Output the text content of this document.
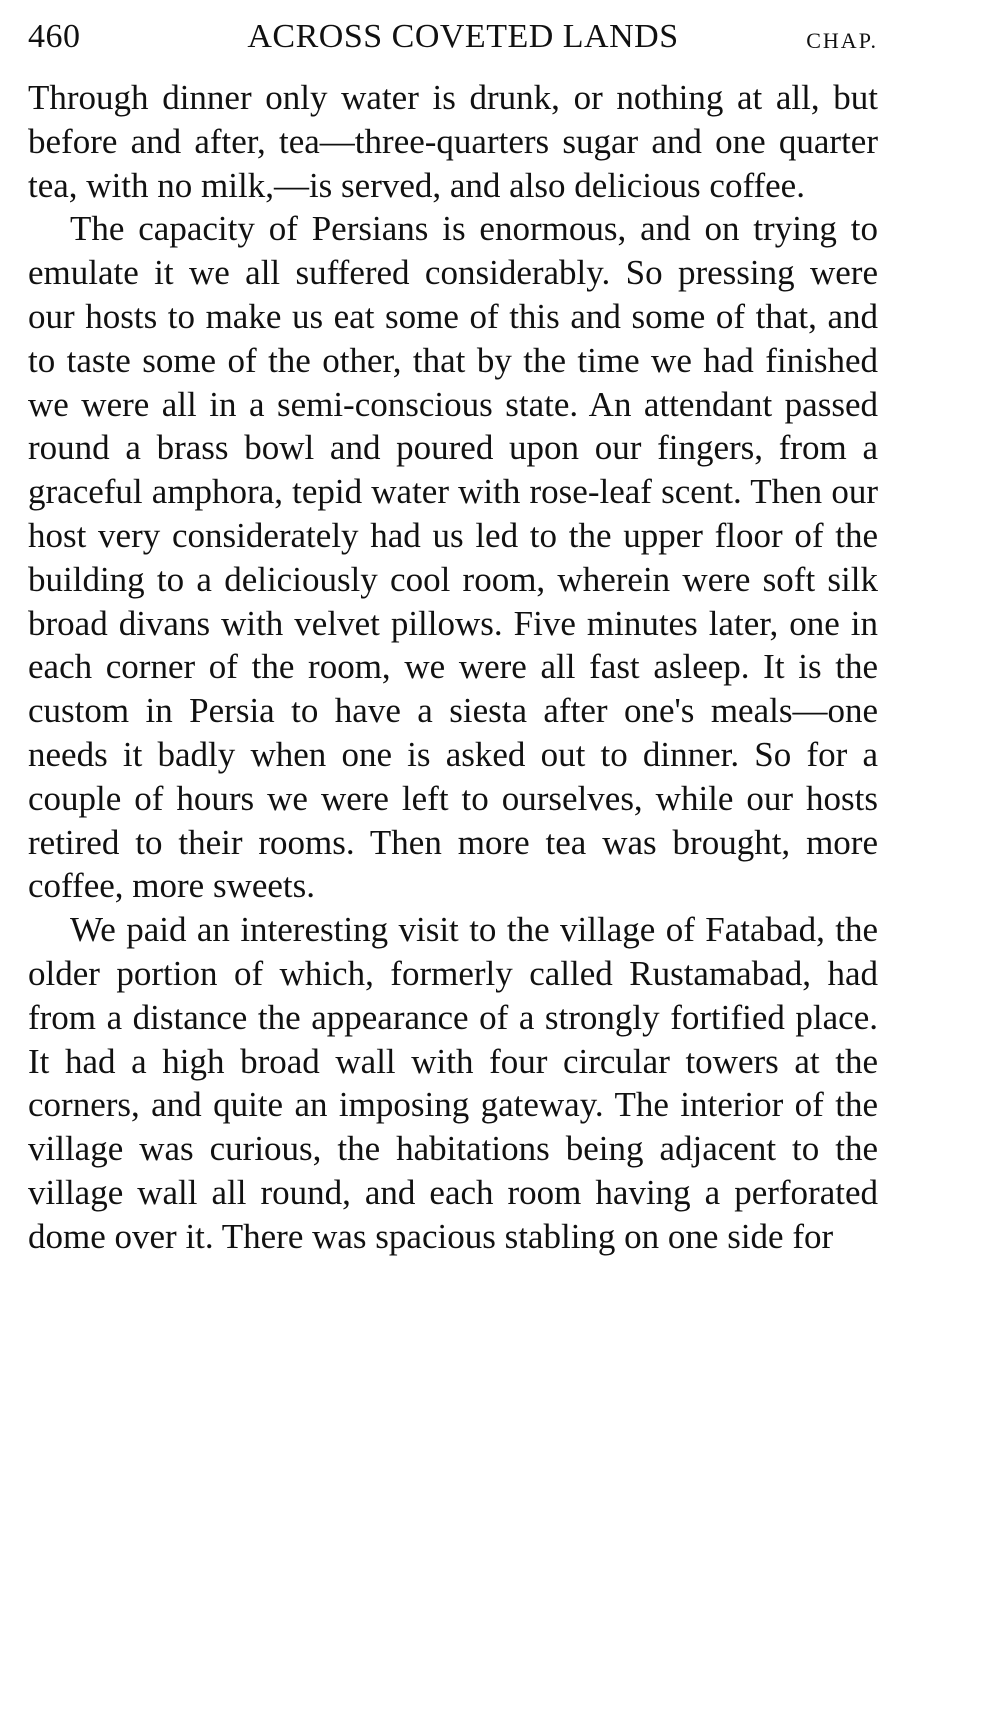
460	ACROSS COVETED LANDS	CHAP.

Through dinner only water is drunk, or nothing at all, but before and after, tea—three-quarters sugar and one quarter tea, with no milk,—is served, and also delicious coffee.

The capacity of Persians is enormous, and on trying to emulate it we all suffered considerably. So pressing were our hosts to make us eat some of this and some of that, and to taste some of the other, that by the time we had finished we were all in a semi-conscious state. An attendant passed round a brass bowl and poured upon our fingers, from a graceful amphora, tepid water with rose-leaf scent. Then our host very considerately had us led to the upper floor of the building to a deliciously cool room, wherein were soft silk broad divans with velvet pillows. Five minutes later, one in each corner of the room, we were all fast asleep. It is the custom in Persia to have a siesta after one's meals—one needs it badly when one is asked out to dinner. So for a couple of hours we were left to ourselves, while our hosts retired to their rooms. Then more tea was brought, more coffee, more sweets.

We paid an interesting visit to the village of Fatabad, the older portion of which, formerly called Rustamabad, had from a distance the appearance of a strongly fortified place. It had a high broad wall with four circular towers at the corners, and quite an imposing gateway. The interior of the village was curious, the habitations being adjacent to the village wall all round, and each room having a perforated dome over it. There was spacious stabling on one side for
